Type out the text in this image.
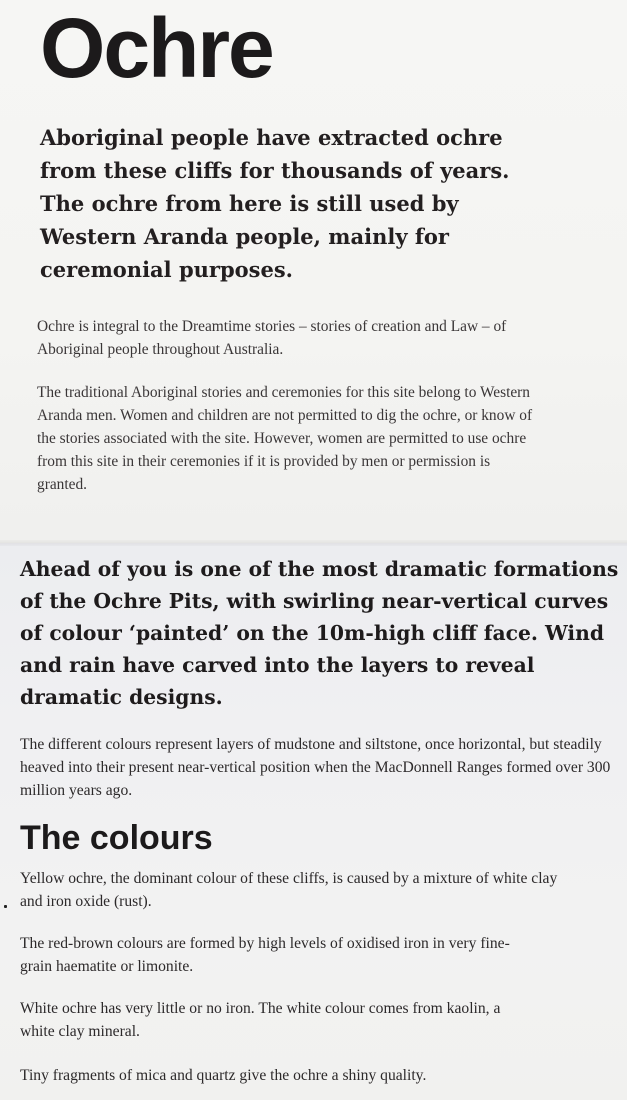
Ochre

Aboriginal people have extracted ochre from these cliffs for thousands of years. The ochre from here is still used by Western Aranda people, mainly for ceremonial purposes.

Ochre is integral to the Dreamtime stories – stories of creation and Law – of Aboriginal people throughout Australia.

The traditional Aboriginal stories and ceremonies for this site belong to Western Aranda men. Women and children are not permitted to dig the ochre, or know of the stories associated with the site. However, women are permitted to use ochre from this site in their ceremonies if it is provided by men or permission is granted.

Ahead of you is one of the most dramatic formations of the Ochre Pits, with swirling near-vertical curves of colour ‘painted’ on the 10m-high cliff face. Wind and rain have carved into the layers to reveal dramatic designs.

The different colours represent layers of mudstone and siltstone, once horizontal, but steadily heaved into their present near-vertical position when the MacDonnell Ranges formed over 300 million years ago.

The colours

Yellow ochre, the dominant colour of these cliffs, is caused by a mixture of white clay and iron oxide (rust).

The red-brown colours are formed by high levels of oxidised iron in very fine-grain haematite or limonite.

White ochre has very little or no iron. The white colour comes from kaolin, a white clay mineral.

Tiny fragments of mica and quartz give the ochre a shiny quality.
